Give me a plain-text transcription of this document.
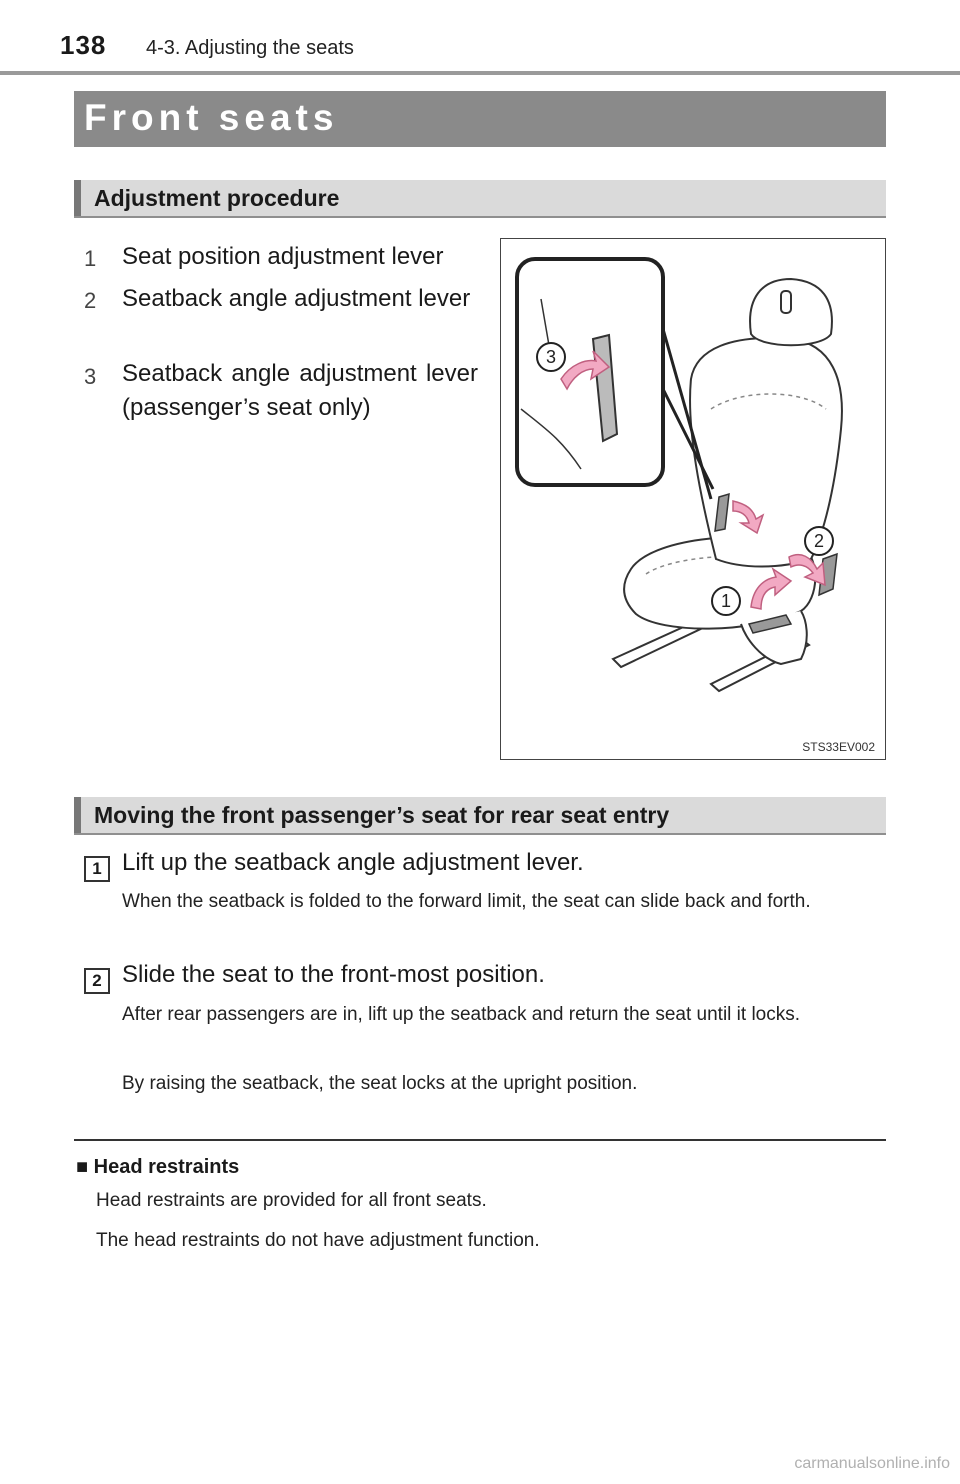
138 4-3. Adjusting the seats
Front seats
Adjustment procedure
1 Seat position adjustment lever
2 Seatback angle adjustment lever
3 Seatback angle adjustment lever (passenger’s seat only)
3
2
1
STS33EV002
Moving the front passenger’s seat for rear seat entry
1 Lift up the seatback angle adjustment lever.
When the seatback is folded to the forward limit, the seat can slide back and forth.
2 Slide the seat to the front-most position.
After rear passengers are in, lift up the seatback and return the seat until it locks.
By raising the seatback, the seat locks at the upright position.
■ Head restraints
Head restraints are provided for all front seats.
The head restraints do not have adjustment function.
carmanualsonline.info
